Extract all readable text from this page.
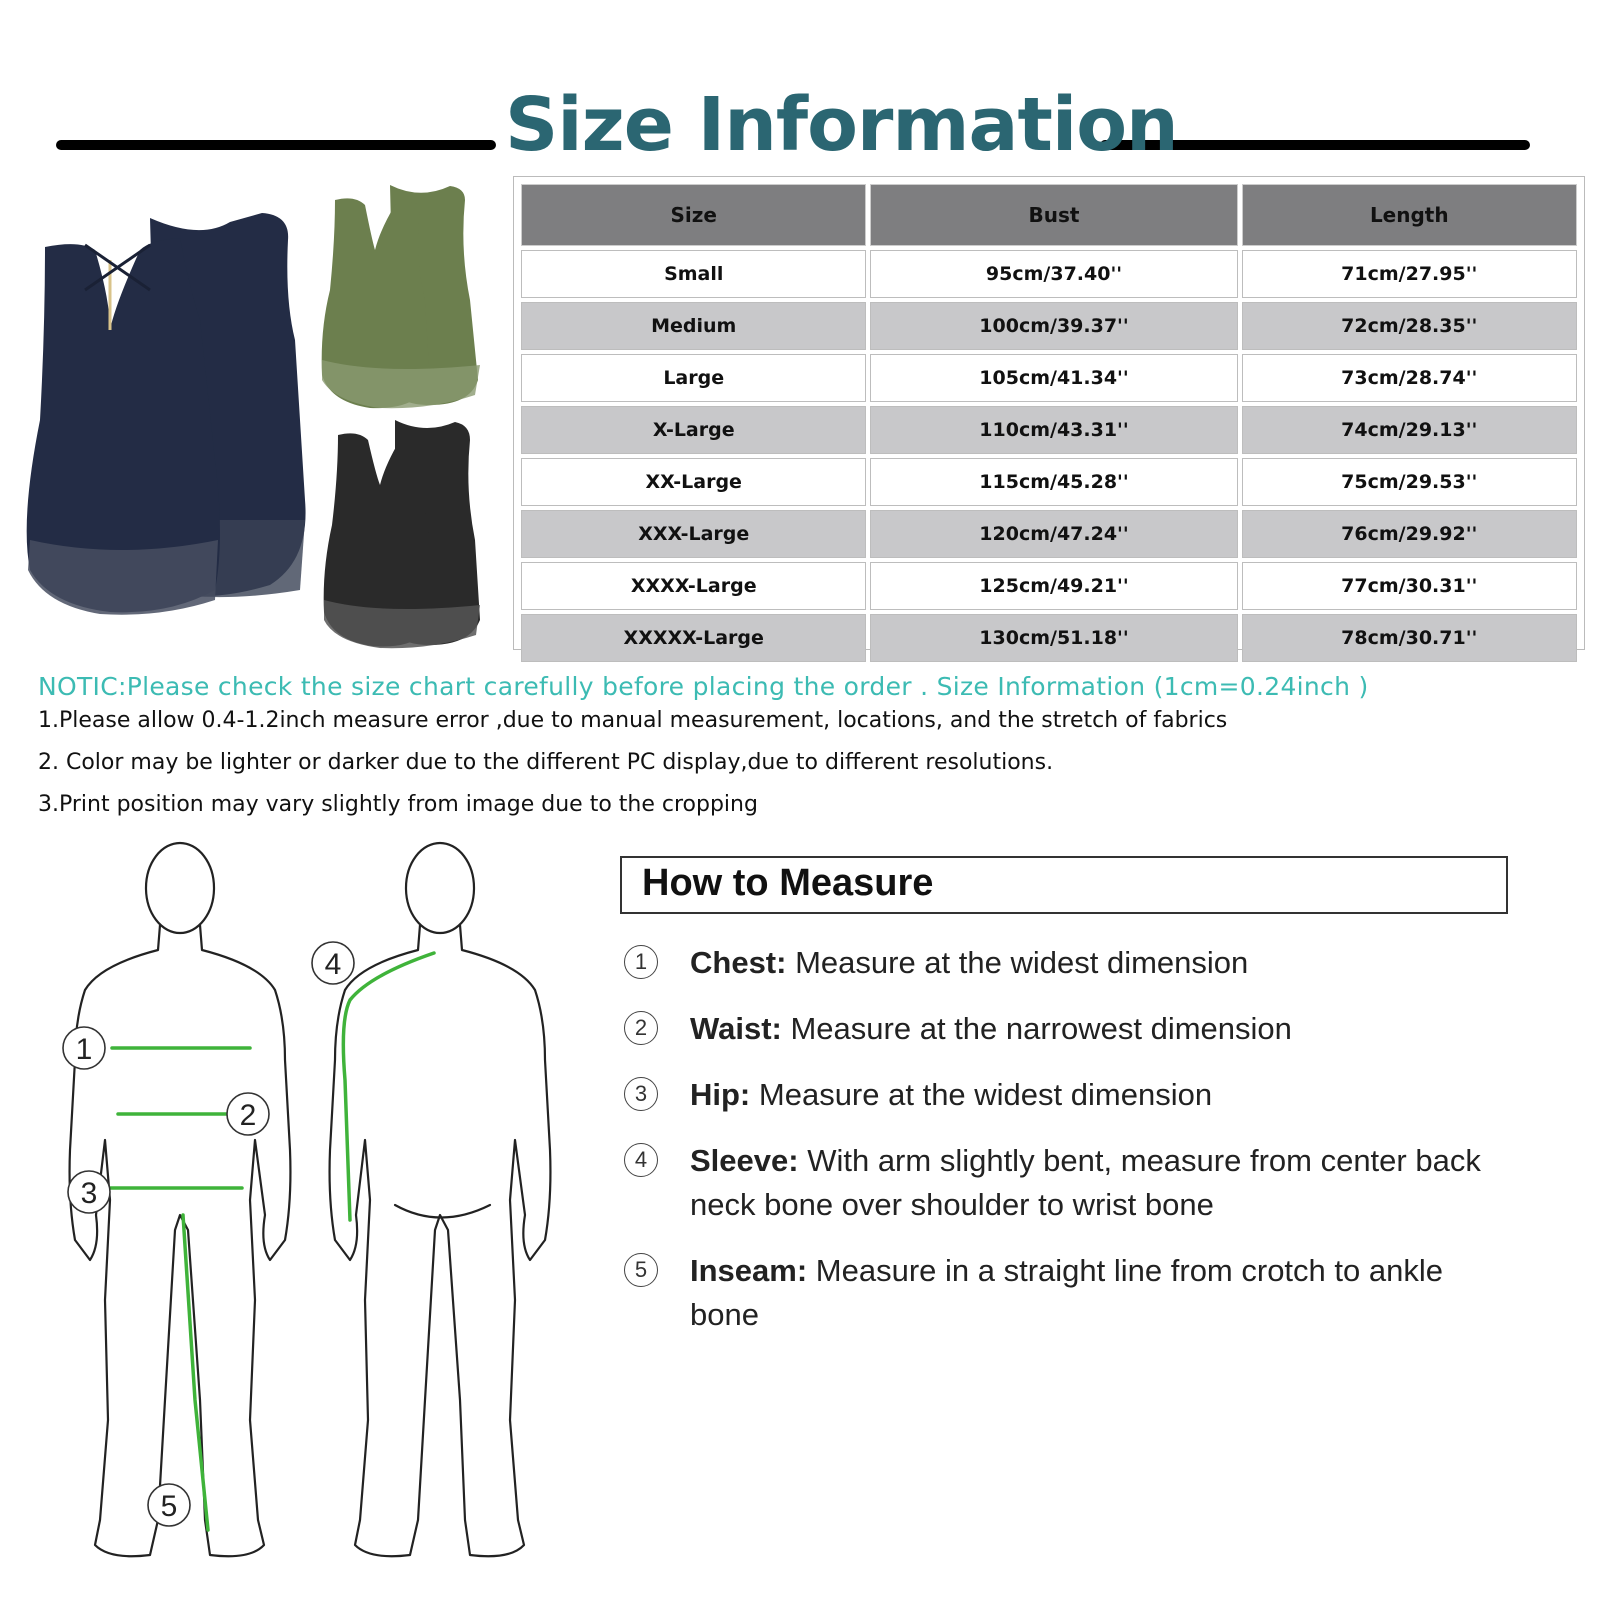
Size Information
Size	Bust	Length
Small	95cm/37.40''	71cm/27.95''
Medium	100cm/39.37''	72cm/28.35''
Large	105cm/41.34''	73cm/28.74''
X-Large	110cm/43.31''	74cm/29.13''
XX-Large	115cm/45.28''	75cm/29.53''
XXX-Large	120cm/47.24''	76cm/29.92''
XXXX-Large	125cm/49.21''	77cm/30.31''
XXXXX-Large	130cm/51.18''	78cm/30.71''

NOTIC:Please check the size chart carefully before placing the order . Size Information (1cm=0.24inch )

1.Please allow 0.4-1.2inch measure error ,due to manual measurement, locations, and the stretch of fabrics

2. Color may be lighter or darker due to the different PC display,due to different resolutions.

3.Print position may vary slightly from image due to the cropping

1
2
3
4
5
How to Measure
1	Chest: Measure at the widest dimension
2	Waist: Measure at the narrowest dimension
3	Hip: Measure at the widest dimension
4	Sleeve: With arm slightly bent, measure from center back neck bone over shoulder to wrist bone
5	Inseam: Measure in a straight line from crotch to ankle bone
